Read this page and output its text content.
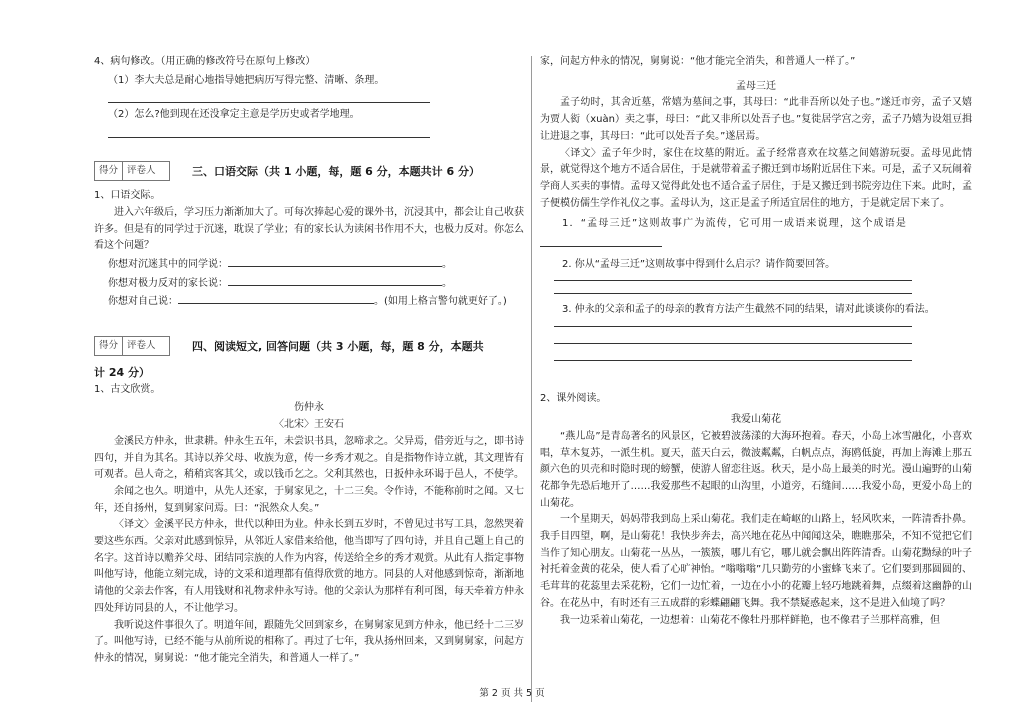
4、病句修改。（用正确的修改符号在原句上修改）
（1）李大夫总是耐心地指导她把病历写得完整、清晰、条理。
（2）怎么?他到现在还没拿定主意是学历史或者学地理。
得分 评卷人	三、口语交际（共 1 小题，每，题 6 分，本题共计 6 分）
1、口语交际。
进入六年级后，学习压力渐渐加大了。可每次捧起心爱的课外书，沉浸其中，都会让自己收获许多。但是有的同学过于沉迷，耽误了学业；有的家长认为读闲书作用不大，也极力反对。你怎么看这个问题？
你想对沉迷其中的同学说：	。
你想对极力反对的家长说：	。
你想对自己说：	。(如用上格言警句就更好了。)
得分 评卷人	四、阅读短文, 回答问题（共 3 小题，每，题 8 分，本题共
计 24 分）
1、古文欣赏。
伤仲永
〈北宋〉王安石
金溪民方仲永，世隶耕。仲永生五年，未尝识书具，忽啼求之。父异焉，借旁近与之，即书诗四句，并自为其名。其诗以养父母、收族为意，传一乡秀才观之。自是指物作诗立就，其文理皆有可观者。邑人奇之，稍稍宾客其父，或以钱币乞之。父利其然也，日扳仲永环谒于邑人，不使学。
余闻之也久。明道中，从先人还家，于舅家见之，十二三矣。令作诗，不能称前时之闻。又七年，还自扬州，复到舅家问焉。曰：“泯然众人矣。”
〈译文〉金溪平民方仲永，世代以种田为业。仲永长到五岁时，不曾见过书写工具，忽然哭着要这些东西。父亲对此感到惊异，从邻近人家借来给他，他当即写了四句诗，并且自己题上自己的名字。这首诗以赡养父母、团结同宗族的人作为内容，传送给全乡的秀才观赏。从此有人指定事物叫他写诗，他能立刻完成，诗的文采和道理都有值得欣赏的地方。同县的人对他感到惊奇，渐渐地请他的父亲去作客，有人用钱财和礼物求仲永写诗。他的父亲认为那样有利可图，每天牵着方仲永四处拜访同县的人，不让他学习。
我听说这件事很久了。明道年间，跟随先父回到家乡，在舅舅家见到方仲永，他已经十二三岁了。叫他写诗，已经不能与从前所说的相称了。再过了七年，我从扬州回来，又到舅舅家，问起方仲永的情况，舅舅说：“他才能完全消失，和普通人一样了。”
家，问起方仲永的情况，舅舅说：“他才能完全消失，和普通人一样了。”
孟母三迁
孟子幼时，其舍近墓，常嬉为墓间之事，其母曰：“此非吾所以处子也。”遂迁市旁，孟子又嬉为贾人衒（xuàn）卖之事，母曰：“此又非所以处吾子也。”复徙居学宫之旁，孟子乃嬉为设俎豆揖让进退之事，其母曰：“此可以处吾子矣。”遂居焉。
〈译文〉孟子年少时，家住在坟墓的附近。孟子经常喜欢在坟墓之间嬉游玩耍。孟母见此情景，就觉得这个地方不适合居住，于是就带着孟子搬迁到市场附近居住下来。可是，孟子又玩闹着学商人买卖的事情。孟母又觉得此处也不适合孟子居住，于是又搬迁到书院旁边住下来。此时，孟子便模仿儒生学作礼仪之事。孟母认为，这正是孟子所适宜居住的地方，于是就定居下来了。
1．“孟母三迁”这则故事广为流传，它可用一成语来说理，这个成语是
2. 你从“孟母三迁”这则故事中得到什么启示？请作简要回答。
3. 仲永的父亲和孟子的母亲的教育方法产生截然不同的结果，请对此谈谈你的看法。
2、课外阅读。
我爱山菊花
“燕儿岛”是青岛著名的风景区，它被碧波荡漾的大海环抱着。春天，小岛上冰雪融化，小喜欢唱，草木复苏，一派生机。夏天，蓝天白云，微波粼粼，白帆点点，海鸥低旋，再加上海滩上那五颜六色的贝壳和时隐时现的螃蟹，使游人留恋往返。秋天，是小岛上最美的时光。漫山遍野的山菊花都争先恐后地开了……我爱那些不起眼的山沟里，小道旁，石缝间……我爱小岛，更爱小岛上的山菊花。
一个星期天，妈妈带我到岛上采山菊花。我们走在崎岖的山路上，轻风吹来，一阵清香扑鼻。我手目四望，啊，是山菊花！我快步奔去，高兴地在花丛中闻闻这朵，瞧瞧那朵，不知不觉把它们当作了知心朋友。山菊花一丛丛，一簇簇，哪儿有它，哪儿就会飘出阵阵清香。山菊花黝绿的叶子衬托着金黄的花朵，使人看了心旷神怡。“嗡嗡嗡”几只勤劳的小蜜蜂飞来了。它们要到那圆圆的、毛茸茸的花蕊里去采花粉，它们一边忙着，一边在小小的花瓣上轻巧地跳着舞，点缀着这幽静的山谷。在花丛中，有时还有三五成群的彩蝶翩翩飞舞。我不禁疑惑起来，这不是进入仙境了吗？
我一边采着山菊花，一边想着：山菊花不像牡丹那样鲜艳，也不像君子兰那样高雅，但
第 2 页 共 5 页
